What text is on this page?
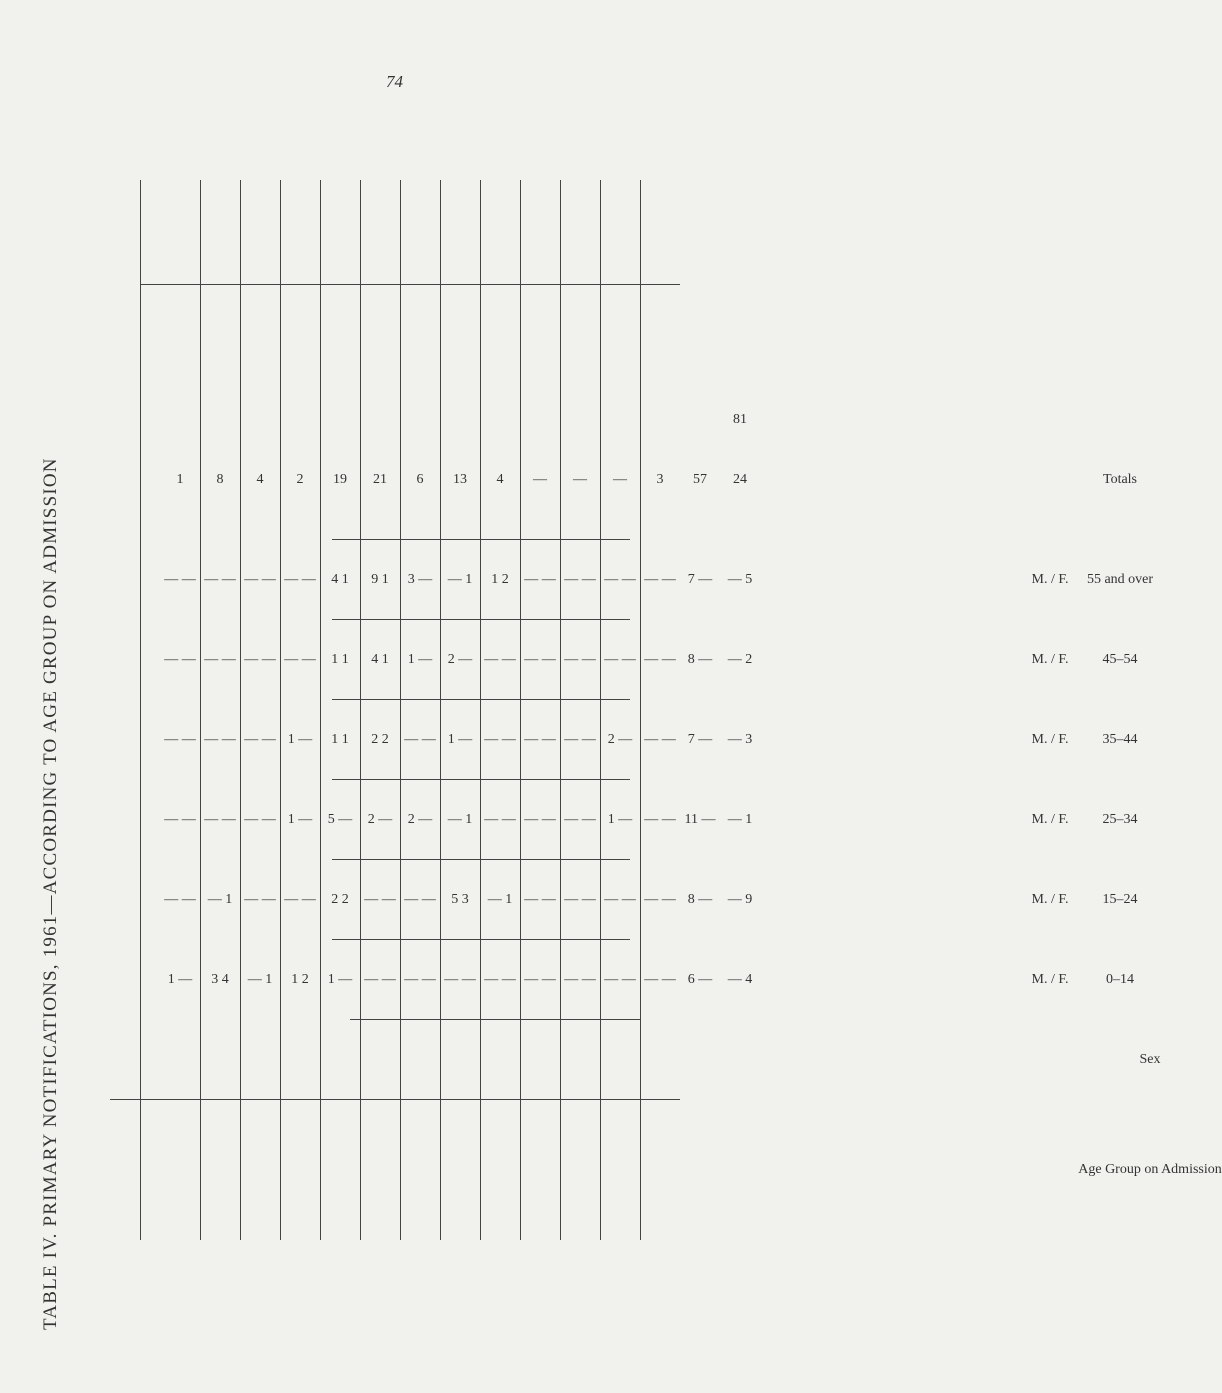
74
TABLE IV. PRIMARY NOTIFICATIONS, 1961—ACCORDING TO AGE GROUP ON ADMISSION	Age Group on Admission
Sex
0–14
M. / F.
1 — 3 4 — 1 1 2 1 — — — — — — — — — — — — — — — — — 6 — — 4
15–24
M. / F.
— — — 1 — — — — 2 2 — — — — 5 3 — 1 — — — — — — — — 8 — — 9
25–34
M. / F.
— — — — — — 1 — 5 — 2 — 2 — — 1 — — — — — — 1 — — — 11 — — 1
35–44
M. / F.
— — — — — — 1 — 1 1 2 2 — — 1 — — — — — — — 2 — — — 7 — — 3
45–54
M. / F.
— — — — — — — — 1 1 4 1 1 — 2 — — — — — — — — — — — 8 — — 2
55 and over
M. / F.
— — — — — — — — 4 1 9 1 3 — — 1 1 2 — — — — — — — — 7 — — 5
Totals
1 8 4 2 19 21 6 13 4 — — — 3 57 24
81
